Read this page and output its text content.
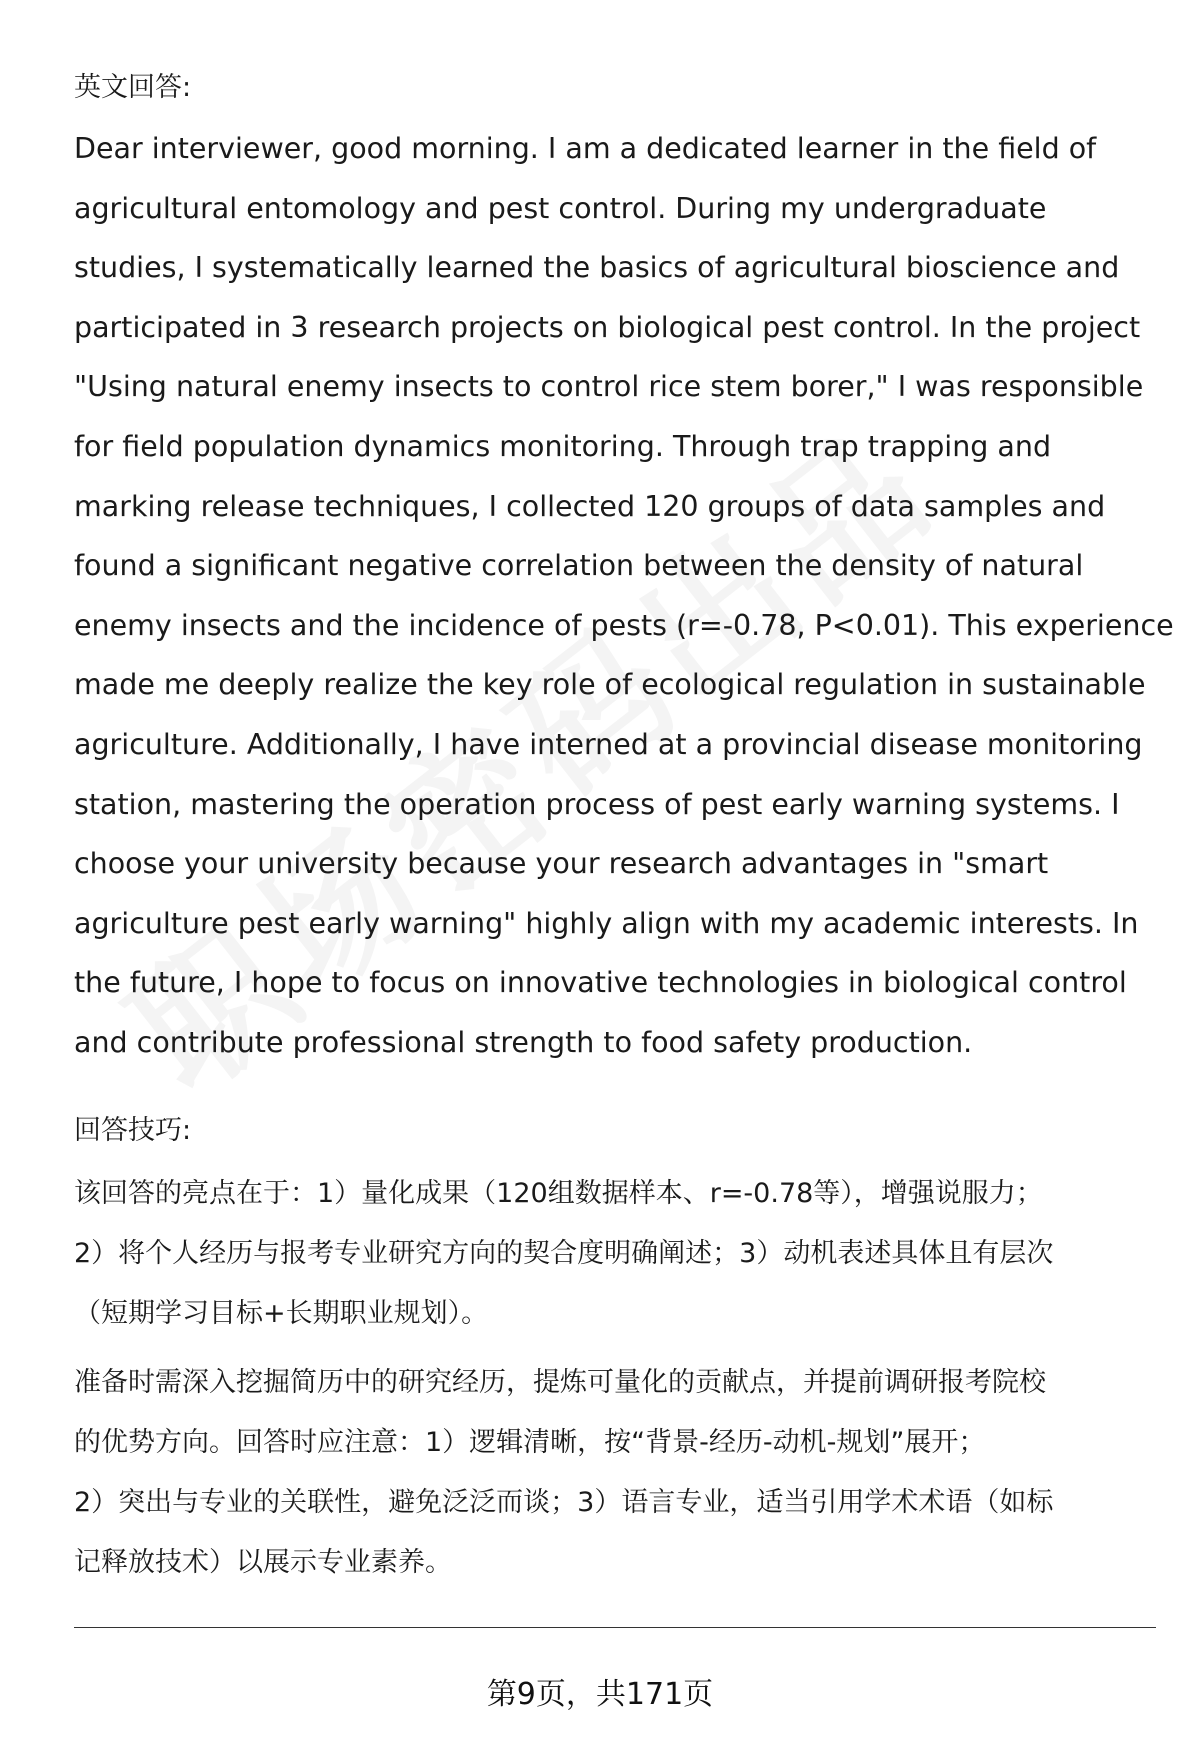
英文回答:
Dear interviewer, good morning. I am a dedicated learner in the field of
agricultural entomology and pest control. During my undergraduate
studies, I systematically learned the basics of agricultural bioscience and
participated in 3 research projects on biological pest control. In the project
"Using natural enemy insects to control rice stem borer," I was responsible
for field population dynamics monitoring. Through trap trapping and
marking release techniques, I collected 120 groups of data samples and
found a significant negative correlation between the density of natural
enemy insects and the incidence of pests (r=-0.78, P<0.01). This experience
made me deeply realize the key role of ecological regulation in sustainable
agriculture. Additionally, I have interned at a provincial disease monitoring
station, mastering the operation process of pest early warning systems. I
choose your university because your research advantages in "smart
agriculture pest early warning" highly align with my academic interests. In
the future, I hope to focus on innovative technologies in biological control
and contribute professional strength to food safety production.
回答技巧:
该回答的亮点在于：1）量化成果（120组数据样本、r=-0.78等），增强说服力；
2）将个人经历与报考专业研究方向的契合度明确阐述；3）动机表述具体且有层次
（短期学习目标+长期职业规划）。
准备时需深入挖掘简历中的研究经历，提炼可量化的贡献点，并提前调研报考院校
的优势方向。回答时应注意：1）逻辑清晰，按“背景-经历-动机-规划”展开；
2）突出与专业的关联性，避免泛泛而谈；3）语言专业，适当引用学术术语（如标
记释放技术）以展示专业素养。
第9页，共171页
